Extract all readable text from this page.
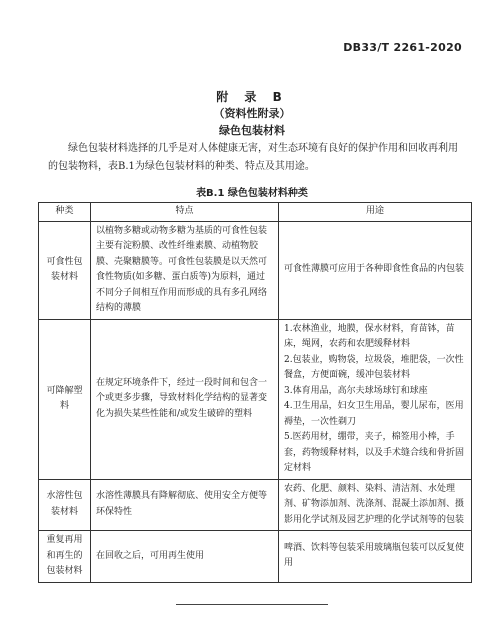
DB33/T 2261-2020
附 录 B
（资料性附录）
绿色包装材料

绿色包装材料选择的几乎是对人体健康无害，对生态环境有良好的保护作用和回收再利用的包装物料，表B.1为绿色包装材料的种类、特点及其用途。

表B.1 绿色包装材料种类
种类	特点	用途
可食性包装材料	以植物多糖或动物多糖为基质的可食性包装主要有淀粉膜、改性纤维素膜、动植物胶膜、壳聚糖膜等。可食性包装膜是以天然可食性物质(如多糖、蛋白质等)为原料，通过不同分子间相互作用而形成的具有多孔网络结构的薄膜	可食性薄膜可应用于各种即食性食品的内包装

可降解塑料	在规定环境条件下，经过一段时间和包含一个或更多步骤，导致材料化学结构的显著变化为损失某些性能和/或发生破碎的塑料	1.农林渔业，地膜，保水材料，育苗钵，苗床，绳网，农药和农肥缓释材料
2.包装业，购物袋，垃圾袋，堆肥袋，一次性餐盒，方便面碗，缓冲包装材料
3.体育用品，高尔夫球场球钉和球座
4.卫生用品，妇女卫生用品，婴儿尿布，医用褥垫，一次性剃刀
5.医药用材，绷带，夹子，棉签用小棒，手套，药物缓释材料，以及手术缝合线和骨折固定材料

水溶性包装材料	水溶性薄膜具有降解彻底、使用安全方便等环保特性	农药、化肥、颜料、染料、清洁剂、水处理剂、矿物添加剂、洗涤剂、混凝土添加剂、摄影用化学试剂及园艺护理的化学试剂等的包装

重复再用和再生的包装材料	在回收之后，可用再生使用	啤酒、饮料等包装采用玻璃瓶包装可以反复使用
